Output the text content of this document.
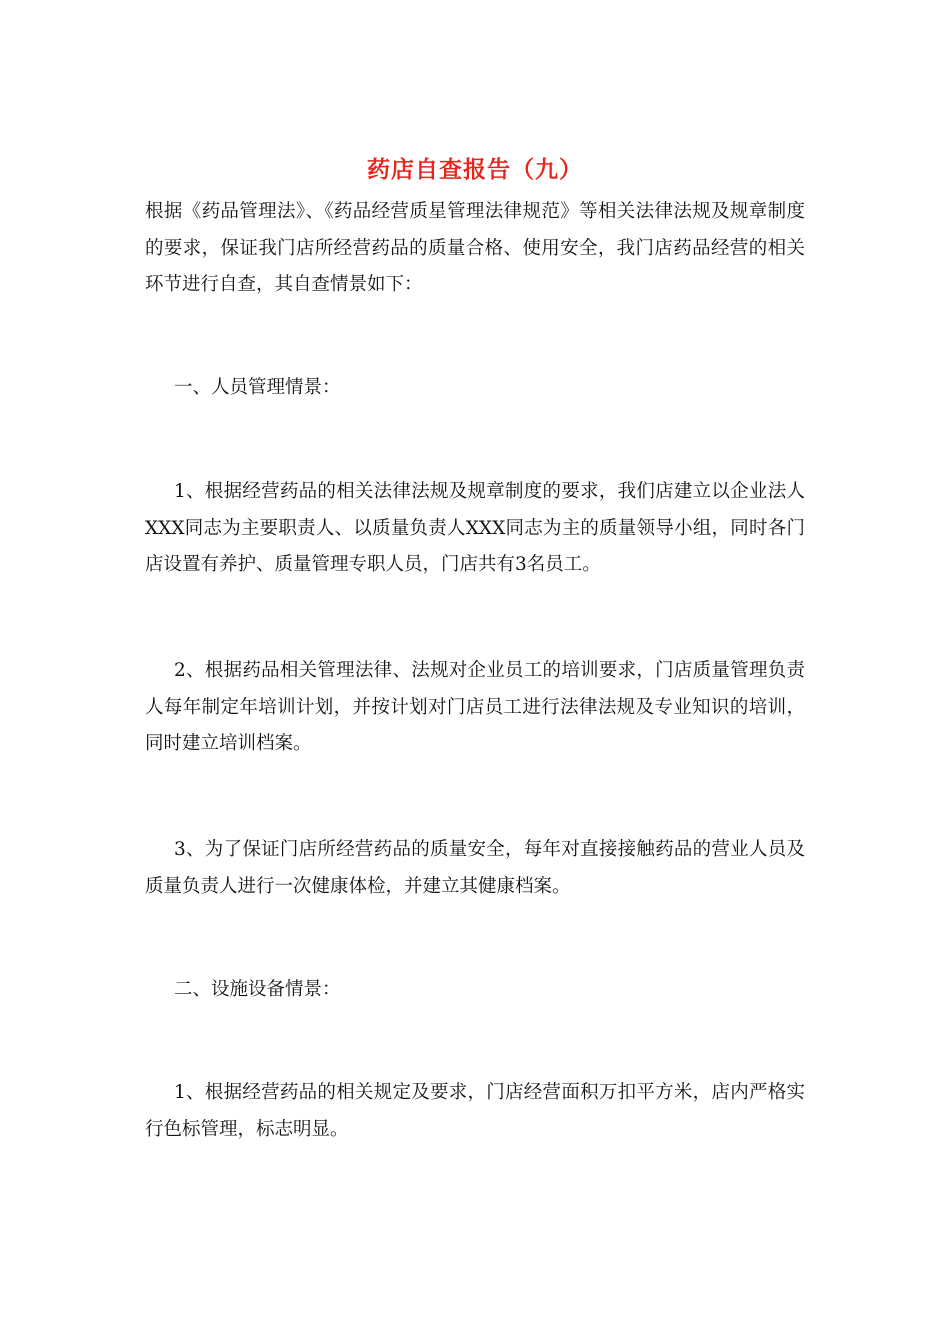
药店自查报告（九）

根据《药品管理法》、《药品经营质星管理法律规范》等相关法律法规及规章制度的要求，保证我门店所经营药品的质量合格、使用安全，我门店药品经营的相关环节进行自查，其自查情景如下：

一、人员管理情景：

1、根据经营药品的相关法律法规及规章制度的要求，我们店建立以企业法人XXX同志为主要职责人、以质量负责人XXX同志为主的质量领导小组，同时各门店设置有养护、质量管理专职人员，门店共有3名员工。

2、根据药品相关管理法律、法规对企业员工的培训要求，门店质量管理负责人每年制定年培训计划，并按计划对门店员工进行法律法规及专业知识的培训，同时建立培训档案。

3、为了保证门店所经营药品的质量安全，每年对直接接触药品的营业人员及质量负责人进行一次健康体检，并建立其健康档案。

二、设施设备情景：

1、根据经营药品的相关规定及要求，门店经营面积万扣平方米，店内严格实行色标管理，标志明显。
